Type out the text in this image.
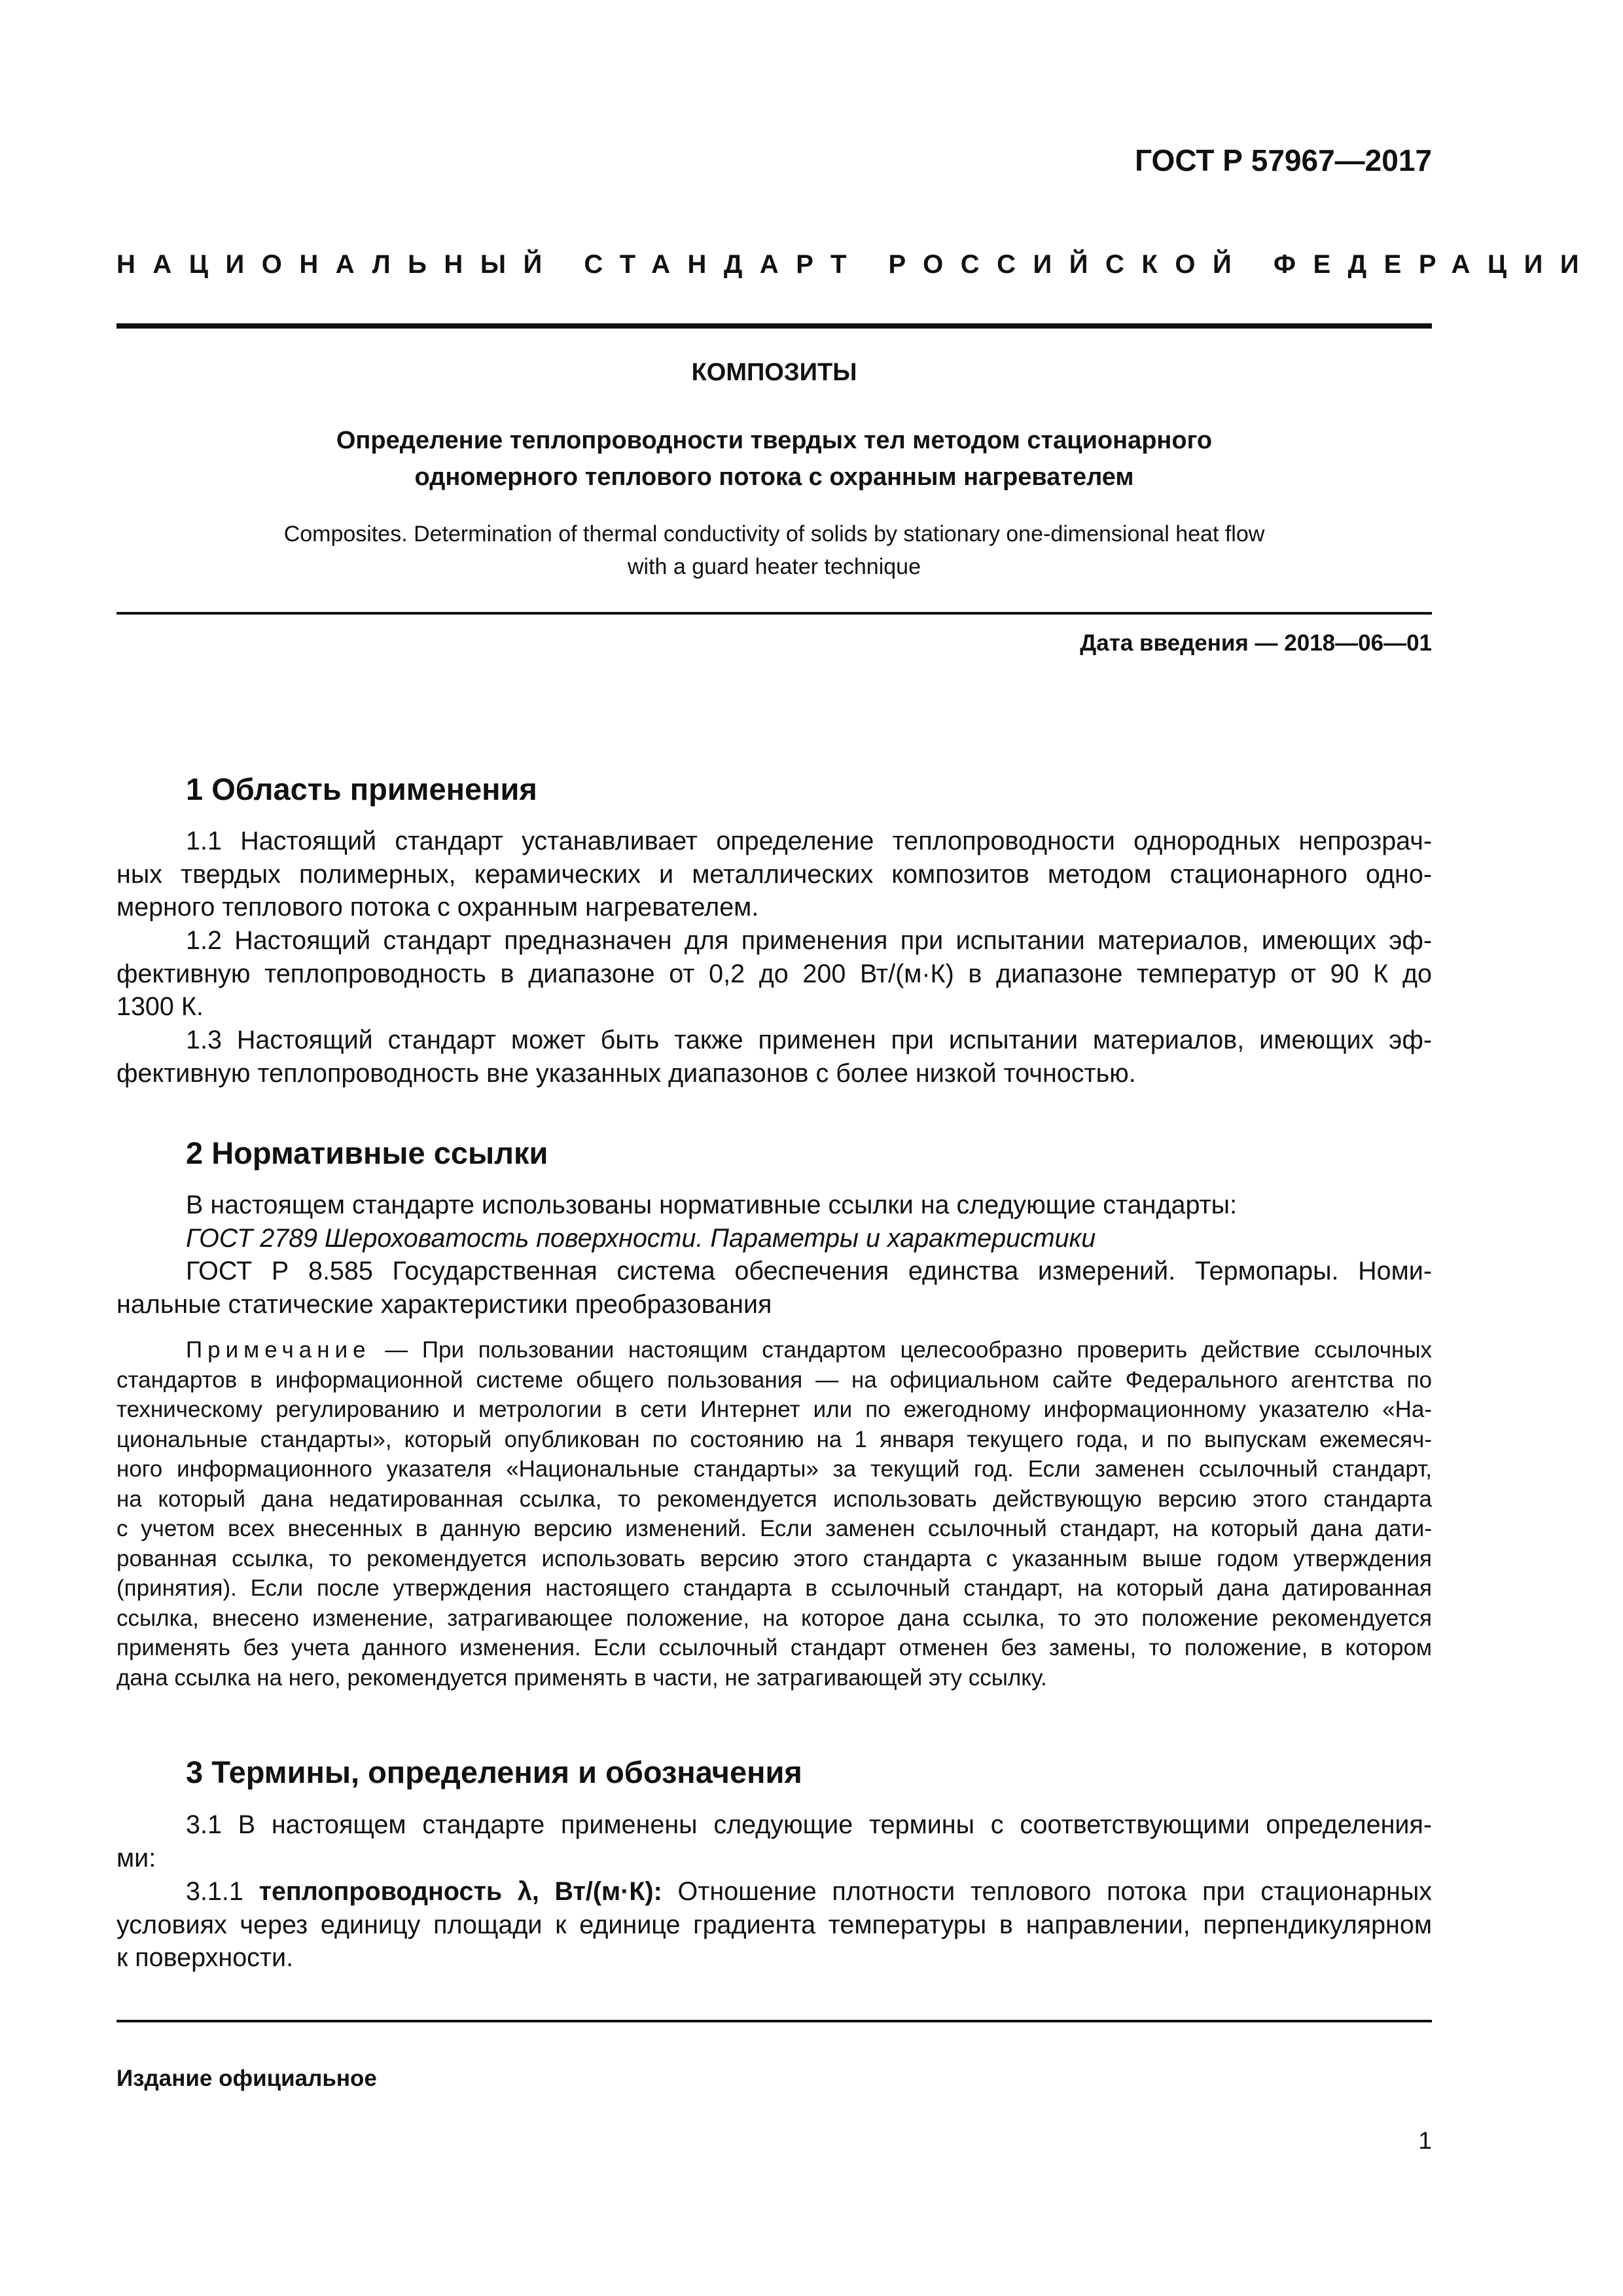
ГОСТ Р 57967—2017
НАЦИОНАЛЬНЫЙ СТАНДАРТ РОССИЙСКОЙ ФЕДЕРАЦИИ
КОМПОЗИТЫ
Определение теплопроводности твердых тел методом стационарного
одномерного теплового потока с охранным нагревателем
Composites. Determination of thermal conductivity of solids by stationary one-dimensional heat flow
with a guard heater technique
Дата введения — 2018—06—01
1 Область применения
1.1 Настоящий стандарт устанавливает определение теплопроводности однородных непрозрач-
ных твердых полимерных, керамических и металлических композитов методом стационарного одно-
мерного теплового потока с охранным нагревателем.
1.2 Настоящий стандарт предназначен для применения при испытании материалов, имеющих эф-
фективную теплопроводность в диапазоне от 0,2 до 200 Вт/(м·К) в диапазоне температур от 90 К до
1300 К.
1.3 Настоящий стандарт может быть также применен при испытании материалов, имеющих эф-
фективную теплопроводность вне указанных диапазонов с более низкой точностью.
2 Нормативные ссылки
В настоящем стандарте использованы нормативные ссылки на следующие стандарты:
ГОСТ 2789 Шероховатость поверхности. Параметры и характеристики
ГОСТ Р 8.585 Государственная система обеспечения единства измерений. Термопары. Номи-
нальные статические характеристики преобразования
Примечание — При пользовании настоящим стандартом целесообразно проверить действие ссылочных
стандартов в информационной системе общего пользования — на официальном сайте Федерального агентства по
техническому регулированию и метрологии в сети Интернет или по ежегодному информационному указателю «На-
циональные стандарты», который опубликован по состоянию на 1 января текущего года, и по выпускам ежемесяч-
ного информационного указателя «Национальные стандарты» за текущий год. Если заменен ссылочный стандарт,
на который дана недатированная ссылка, то рекомендуется использовать действующую версию этого стандарта
с учетом всех внесенных в данную версию изменений. Если заменен ссылочный стандарт, на который дана дати-
рованная ссылка, то рекомендуется использовать версию этого стандарта с указанным выше годом утверждения
(принятия). Если после утверждения настоящего стандарта в ссылочный стандарт, на который дана датированная
ссылка, внесено изменение, затрагивающее положение, на которое дана ссылка, то это положение рекомендуется
применять без учета данного изменения. Если ссылочный стандарт отменен без замены, то положение, в котором
дана ссылка на него, рекомендуется применять в части, не затрагивающей эту ссылку.
3 Термины, определения и обозначения
3.1 В настоящем стандарте применены следующие термины с соответствующими определения-
ми:
3.1.1 теплопроводность λ, Вт/(м·К): Отношение плотности теплового потока при стационарных
условиях через единицу площади к единице градиента температуры в направлении, перпендикулярном
к поверхности.
Издание официальное
1
